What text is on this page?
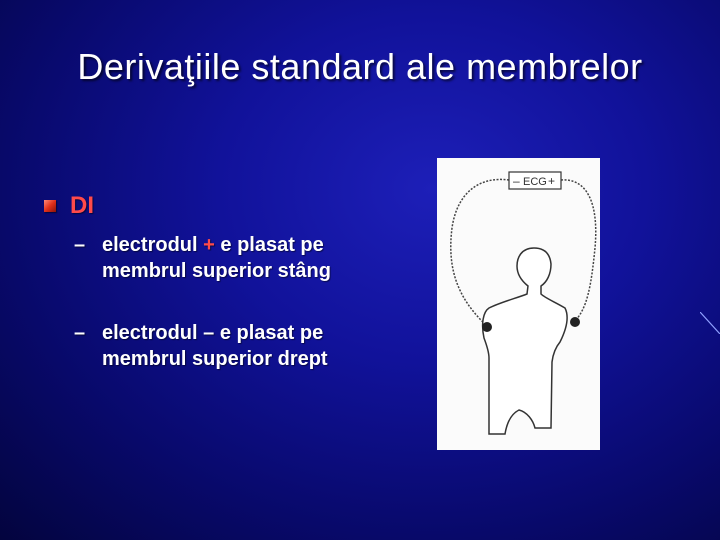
Derivaţiile standard ale membrelor
DI
– electrodul + e plasat pe membrul superior stâng
– electrodul – e plasat pe membrul superior drept
– ECG +
